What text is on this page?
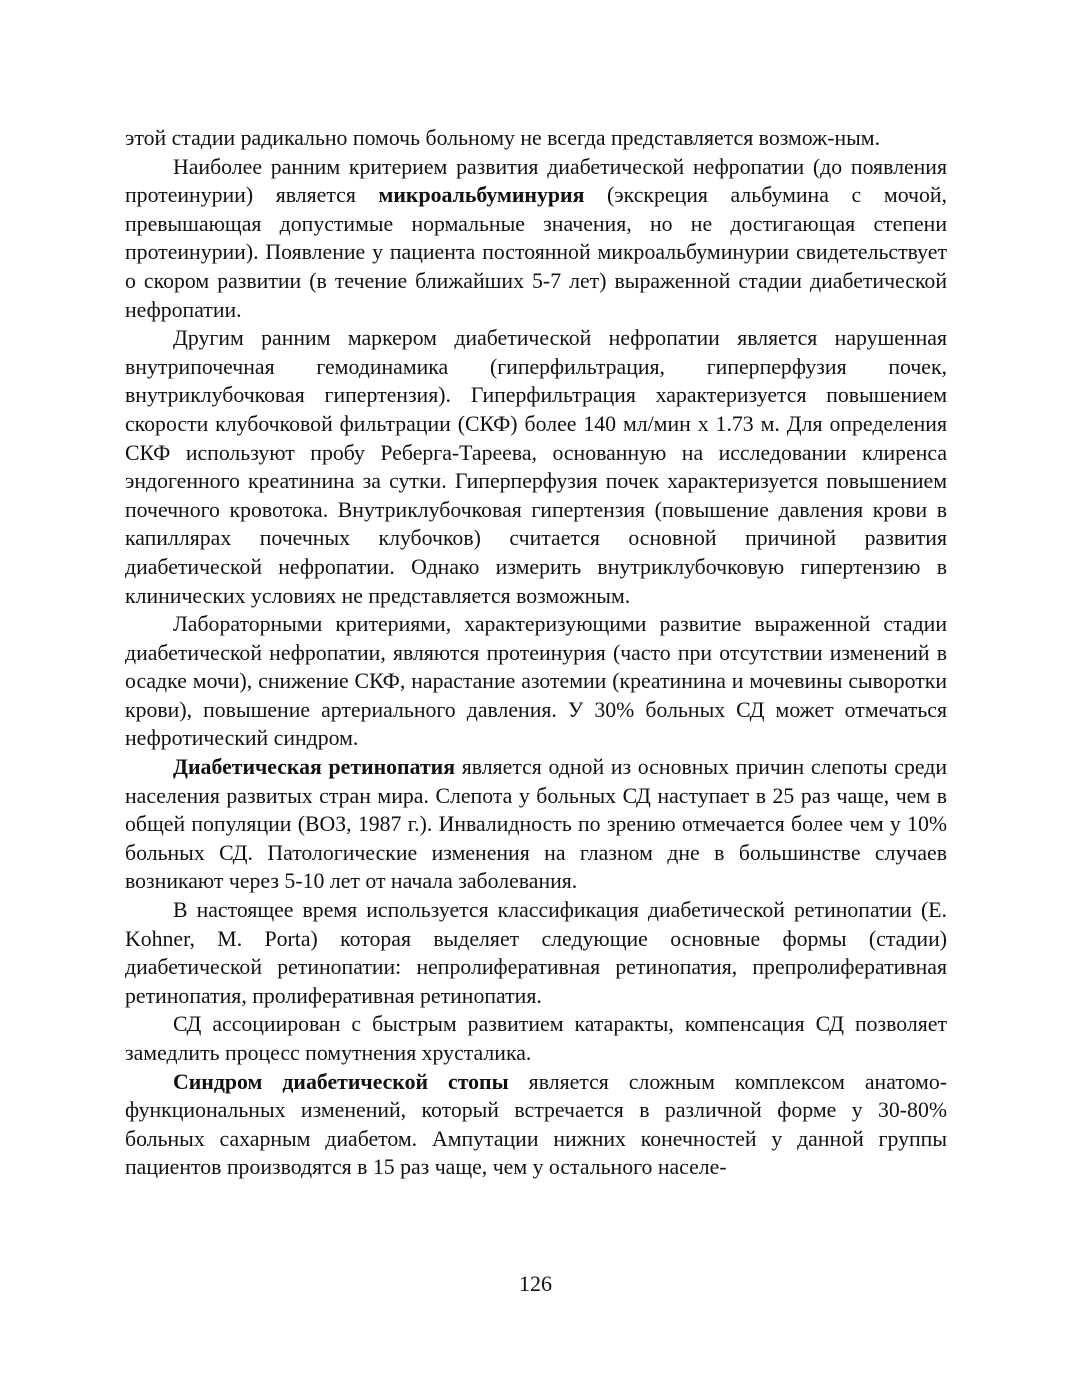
этой стадии радикально помочь больному не всегда представляется возмож-ным.

Наиболее ранним критерием развития диабетической нефропатии (до появления протеинурии) является микроальбуминурия (экскреция альбумина с мочой, превышающая допустимые нормальные значения, но не достигающая степени протеинурии). Появление у пациента постоянной микроальбуминурии свидетельствует о скором развитии (в течение ближайших 5-7 лет) выраженной стадии диабетической нефропатии.

Другим ранним маркером диабетической нефропатии является нарушенная внутрипочечная гемодинамика (гиперфильтрация, гиперперфузия почек, внутриклубочковая гипертензия). Гиперфильтрация характеризуется повышением скорости клубочковой фильтрации (СКФ) более 140 мл/мин х 1.73 м. Для определения СКФ используют пробу Реберга-Тареева, основанную на исследовании клиренса эндогенного креатинина за сутки. Гиперперфузия почек характеризуется повышением почечного кровотока. Внутриклубочковая гипертензия (повышение давления крови в капиллярах почечных клубочков) считается основной причиной развития диабетической нефропатии. Однако измерить внутриклубочковую гипертензию в клинических условиях не представляется возможным.

Лабораторными критериями, характеризующими развитие выраженной стадии диабетической нефропатии, являются протеинурия (часто при отсутствии изменений в осадке мочи), снижение СКФ, нарастание азотемии (креатинина и мочевины сыворотки крови), повышение артериального давления. У 30% больных СД может отмечаться нефротический синдром.

Диабетическая ретинопатия является одной из основных причин слепоты среди населения развитых стран мира. Слепота у больных СД наступает в 25 раз чаще, чем в общей популяции (ВОЗ, 1987 г.). Инвалидность по зрению отмечается более чем у 10% больных СД. Патологические изменения на глазном дне в большинстве случаев возникают через 5-10 лет от начала заболевания.

В настоящее время используется классификация диабетической ретинопатии (E. Kohner, M. Porta) которая выделяет следующие основные формы (стадии) диабетической ретинопатии: непролиферативная ретинопатия, препролиферативная ретинопатия, пролиферативная ретинопатия.

СД ассоциирован с быстрым развитием катаракты, компенсация СД позволяет замедлить процесс помутнения хрусталика.

Синдром диабетической стопы является сложным комплексом анатомо-функциональных изменений, который встречается в различной форме у 30-80% больных сахарным диабетом. Ампутации нижних конечностей у данной группы пациентов производятся в 15 раз чаще, чем у остального населе-

126
